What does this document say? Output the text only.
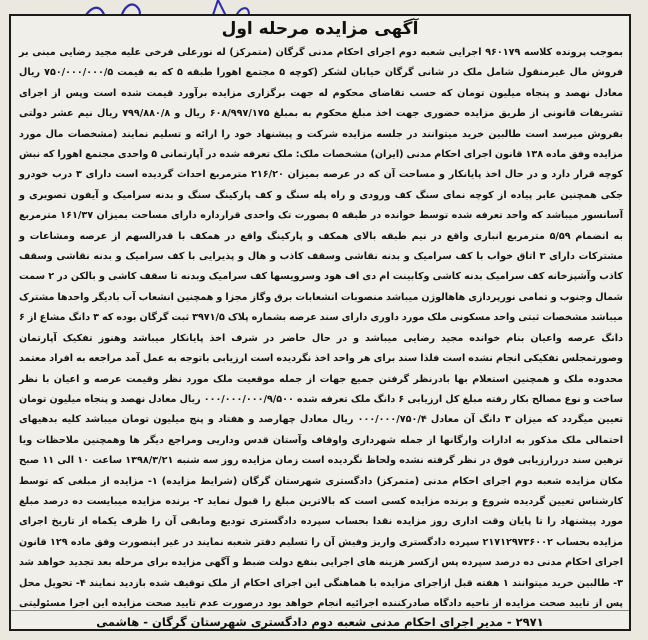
آگهی مزایده مرحله اول
بموجب پرونده کلاسه ۹۶۰۱۷۹ اجرایی شعبه دوم اجرای احکام مدنی گرگان (متمرکز) له نورعلی فرخی علیه مجید رضایی مبنی بر فروش مال غیرمنقول شامل ملک در شانی گرگان خیابان لشکر (کوچه ۵ مجتمع اهورا طبقه ۵ که به قیمت ۷۵۰/۰۰۰/۰۰۰/۵ ریال معادل نهصد و پنجاه میلیون تومان که حسب تقاضای محکوم له جهت برگزاری مزایده برآورد قیمت شده است وپس از اجرای تشریفات قانونی از طریق مزایده حضوری جهت اخذ مبلغ محکوم به بمبلغ ۶۰۸/۹۹۷/۱۷۵ ریال و ۷۹۹/۸۸۰/۸ ریال نیم عشر دولتی بفروش میرسد است طالبین خرید میتوانند در جلسه مزایده شرکت و پیشنهاد خود را ارائه و تسلیم نمایند (مشخصات مال مورد مزایده وفق ماده ۱۳۸ قانون اجرای احکام مدنی (ایران) مشخصات ملک: ملک تعرفه شده در آپارتمانی ۵ واحدی مجتمع اهورا که نبش کوچه قرار دارد و در حال اخذ پایانکار و مساحت آن که در عرصه بمیزان ۲۱۶/۲۰ مترمربع احداث گردیده است دارای ۳ درب خودرو جکی همچنین عابر پیاده از کوچه نمای سنگ کف ورودی و راه پله سنگ و کف پارکینگ سنگ و بدنه سرامیک و آیفون تصویری و آسانسور میباشد که واحد تعرفه شده توسط خوانده در طبقه ۵ بصورت تک واحدی قرارداره دارای مساحت بمیزان ۱۶۱/۳۷ مترمربع به انضمام ۵/۵۹ مترمربع انباری واقع در نیم طبقه بالای همکف و پارکینگ واقع در همکف با قدرالسهم از عرصه ومشاعات و مشترکات دارای ۳ اتاق خواب با کف سرامیک و بدنه نقاشی وسقف کاذب و هال و پذیرایی با کف سرامیک و بدنه نقاشی وسقف کاذب وآشپزخانه کف سرامیک بدنه کاشی وکابینت ام دی اف هود وسرویسها کف سرامیک وبدنه تا سقف کاشی و بالکن در ۲ سمت شمال وجنوب و تمامی نورپردازی هاهالوژن میباشد منصوبات انشعابات برق وگاز مجزا و همچنین انشعاب آب بادیگر واحدها مشترک میباشد مشخصات ثبتی واحد مسکونی ملک مورد داوری دارای سند عرصه بشماره پلاک ۳۹۷۱/۵ ثبت گرگان بوده که ۳ دانگ مشاع از ۶ دانگ عرصه واعیان بنام خوانده مجید رضایی میباشد و در حال حاضر در شرف اخذ پایانکار میباشد وهنوز تفکیک آپارتمان وصورتمجلس تفکیکی انجام نشده است فلذا سند برای هر واحد اخذ نگردیده است ارزیابی باتوجه به عمل آمد مراجعه به افراد معتمد محدوده ملک و همچنین استعلام بها بادرنظر گرفتن جمیع جهات از جمله موقعیت ملک مورد نظر وقیمت عرصه و اعیان با نظر ساخت و نوع مصالح بکار رفته مبلغ کل ارزیابی ۶ دانگ ملک تعرفه شده ۰۰۰/۰۰۰/۰۰۰/۹/۵۰۰ ریال معادل نهصد و پنجاه میلیون تومان تعیین میگردد که میزان ۳ دانگ آن معادل ۰۰۰/۰۰۰/۷۵۰/۴ ریال معادل چهارصد و هفتاد و پنج میلیون تومان میباشد کلیه بدهیهای احتمالی ملک مذکور به ادارات وارگانها از جمله شهرداری واوقاف وآستان قدس وداریی ومراجع دیگر ها وهمچنین ملاحظات ویا ترهین سند دررارزیابی فوق در نظر گرفته نشده ولحاظ نگردیده است زمان مزایده روز سه شنبه ۱۳۹۸/۳/۲۱ ساعت ۱۰ الی ۱۱ صبح مکان مزایده شعبه دوم اجرای احکام مدنی (متمرکز) دادگستری شهرستان گرگان (شرایط مزایده) ۱- مزایده از مبلغی که توسط کارشناس تعیین گردیده شروع و برنده مزایده کسی است که بالاترین مبلغ را قبول نماید ۲- برنده مزایده میبایست ده درصد مبلغ مورد پیشنهاد را تا پایان وقت اداری روز مزایده نقدا بحساب سپرده دادگستری تودیع ومابقی آن را ظرف یکماه از تاریخ اجرای مزایده بحساب ۲۱۷۱۲۹۷۳۶۰۰۲ سپرده دادگستری واریز وفیش آن را تسلیم دفتر شعبه نمایند در غیر اینصورت وفق ماده ۱۲۹ قانون اجرای احکام مدنی ده درصد سپرده پس ازکسر هزینه های اجرایی بنفع دولت ضبط و آگهی مزایده برای مرحله بعد تجدید خواهد شد ۳- طالبین خرید میتوانند ۱ هفته قبل ازاجرای مزایده با هماهنگی این اجرای احکام از ملک توقیف شده بازدید نمایند ۴- تحویل محل پس از تایید صحت مزایده از ناحیه دادگاه صادرکننده اجرائیه انجام خواهد بود درصورت عدم تایید صحت مزایده این اجرا مسئولیتی
۲۹۷۱ - مدیر اجرای احکام مدنی شعبه دوم دادگستری شهرستان گرگان - هاشمی
